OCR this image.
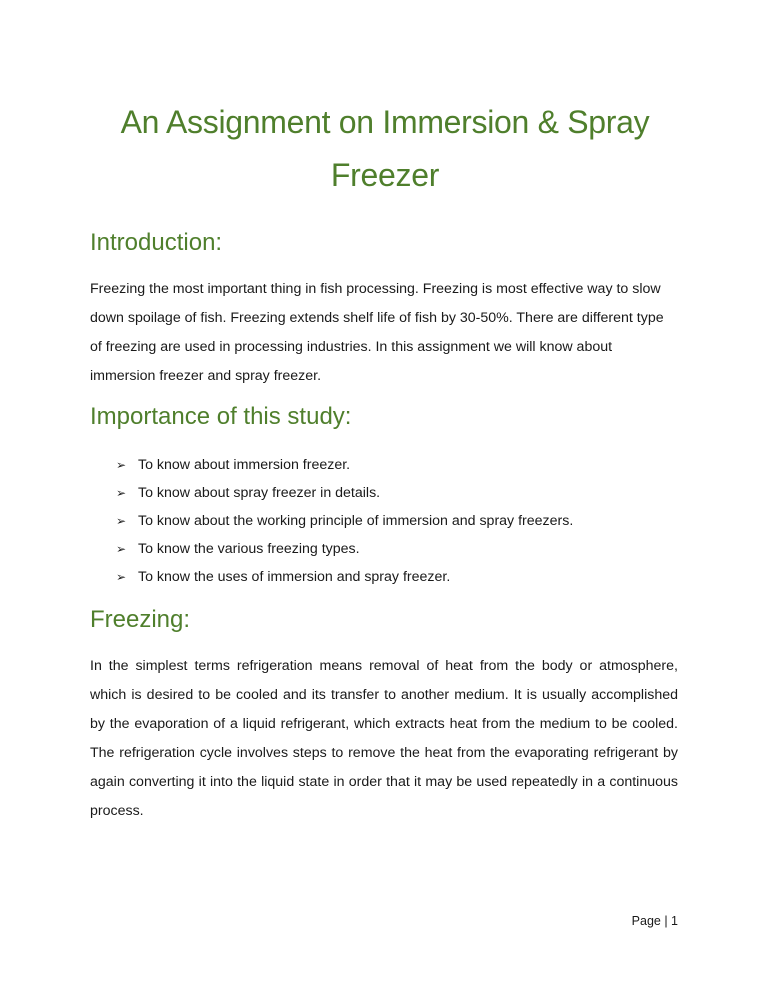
An Assignment on Immersion & Spray Freezer
Introduction:

Freezing the most important thing in fish processing. Freezing is most effective way to slow down spoilage of fish. Freezing extends shelf life of fish by 30-50%. There are different type of freezing are used in processing industries. In this assignment we will know about immersion freezer and spray freezer.

Importance of this study:
➢ To know about immersion freezer.
➢ To know about spray freezer in details.
➢ To know about the working principle of immersion and spray freezers.
➢ To know the various freezing types.
➢ To know the uses of immersion and spray freezer.
Freezing:

In the simplest terms refrigeration means removal of heat from the body or atmosphere, which is desired to be cooled and its transfer to another medium. It is usually accomplished by the evaporation of a liquid refrigerant, which extracts heat from the medium to be cooled. The refrigeration cycle involves steps to remove the heat from the evaporating refrigerant by again converting it into the liquid state in order that it may be used repeatedly in a continuous process.

Page | 1
